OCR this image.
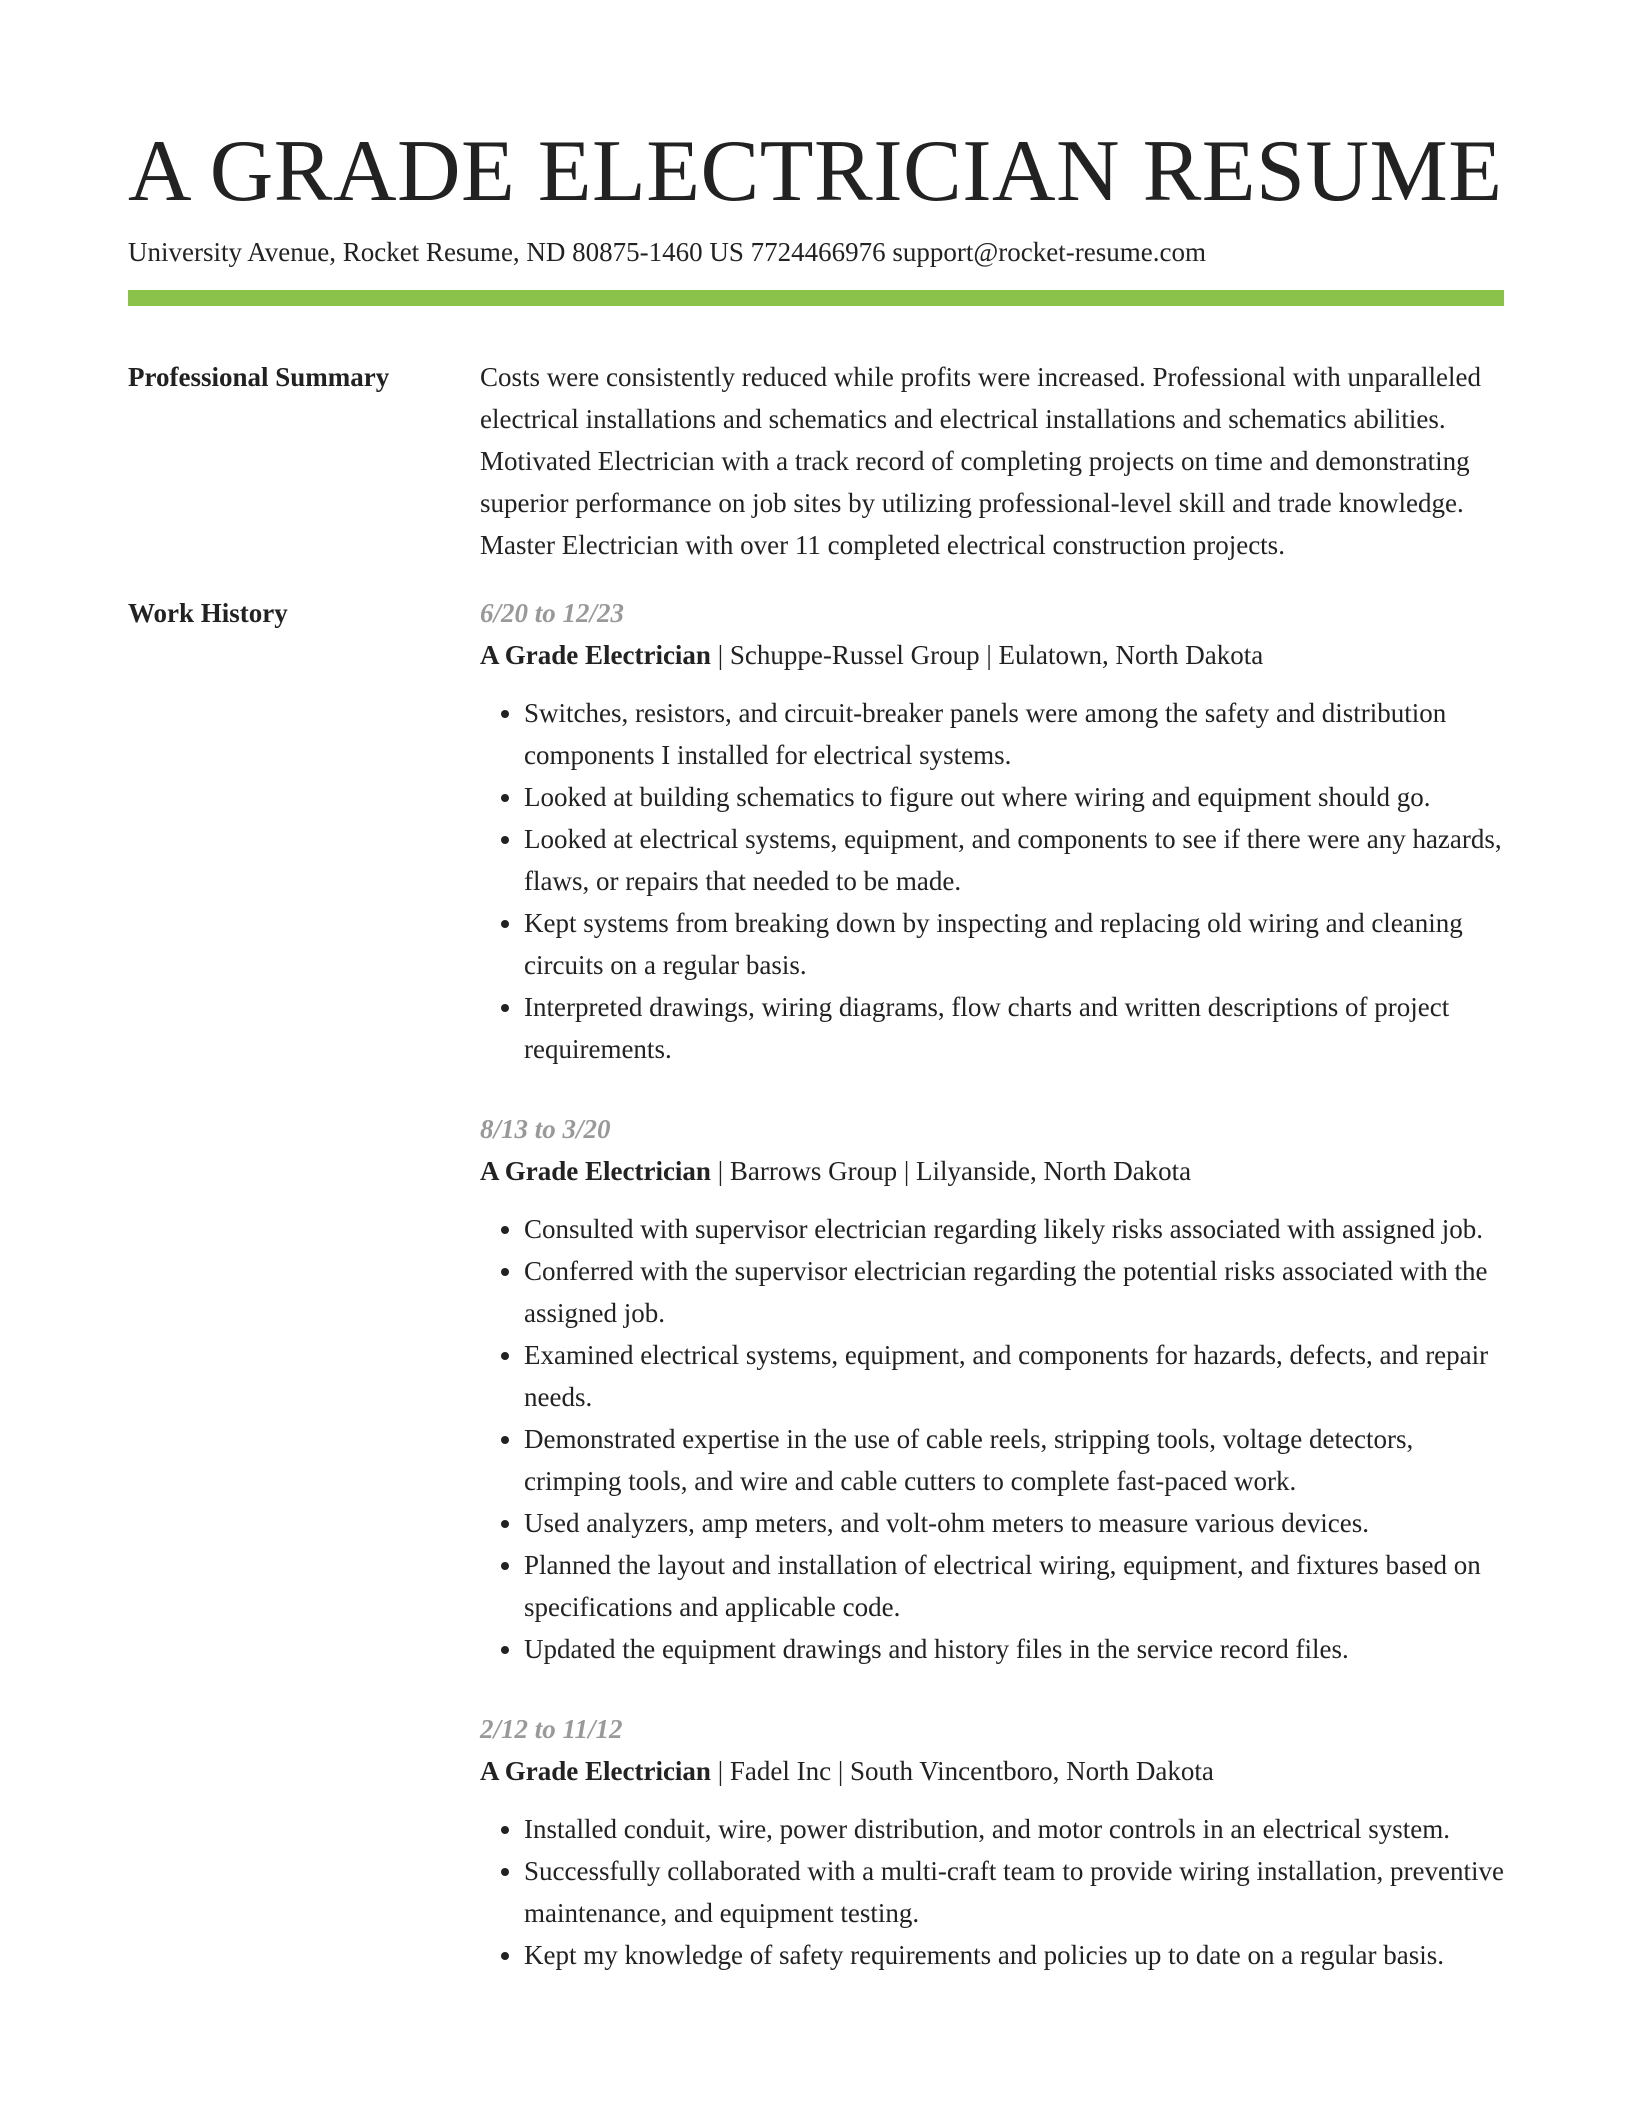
A GRADE ELECTRICIAN RESUME
University Avenue, Rocket Resume, ND 80875-1460 US 7724466976 support@rocket-resume.com
Professional Summary	Costs were consistently reduced while profits were increased. Professional with unparalleled electrical installations and schematics and electrical installations and schematics abilities. Motivated Electrician with a track record of completing projects on time and demonstrating superior performance on job sites by utilizing professional-level skill and trade knowledge. Master Electrician with over 11 completed electrical construction projects.

Work History	6/20 to 12/23
A Grade Electrician | Schuppe-Russel Group | Eulatown, North Dakota
• Switches, resistors, and circuit-breaker panels were among the safety and distribution components I installed for electrical systems.
• Looked at building schematics to figure out where wiring and equipment should go.
• Looked at electrical systems, equipment, and components to see if there were any hazards, flaws, or repairs that needed to be made.
• Kept systems from breaking down by inspecting and replacing old wiring and cleaning circuits on a regular basis.
• Interpreted drawings, wiring diagrams, flow charts and written descriptions of project requirements.
8/13 to 3/20
A Grade Electrician | Barrows Group | Lilyanside, North Dakota
• Consulted with supervisor electrician regarding likely risks associated with assigned job.
• Conferred with the supervisor electrician regarding the potential risks associated with the assigned job.
• Examined electrical systems, equipment, and components for hazards, defects, and repair needs.
• Demonstrated expertise in the use of cable reels, stripping tools, voltage detectors, crimping tools, and wire and cable cutters to complete fast-paced work.
• Used analyzers, amp meters, and volt-ohm meters to measure various devices.
• Planned the layout and installation of electrical wiring, equipment, and fixtures based on specifications and applicable code.
• Updated the equipment drawings and history files in the service record files.
2/12 to 11/12
A Grade Electrician | Fadel Inc | South Vincentboro, North Dakota
• Installed conduit, wire, power distribution, and motor controls in an electrical system.
• Successfully collaborated with a multi-craft team to provide wiring installation, preventive maintenance, and equipment testing.
• Kept my knowledge of safety requirements and policies up to date on a regular basis.
